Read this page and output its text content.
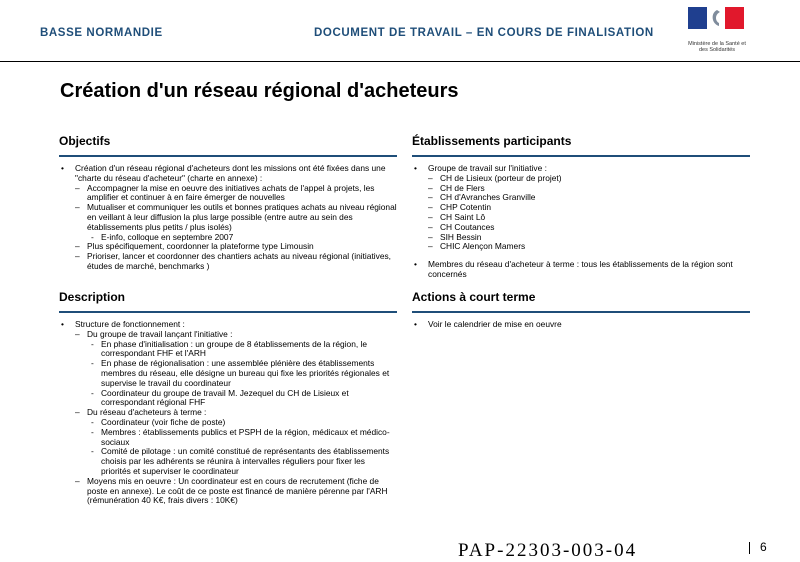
BASSE NORMANDIE	DOCUMENT DE TRAVAIL – EN COURS DE FINALISATION
Ministère de la Santé et des Solidarités
Création d'un réseau régional d'acheteurs
Objectifs
• Création d'un réseau régional d'acheteurs dont les missions ont été fixées dans une "charte du réseau d'acheteur" (charte en annexe) :
– Accompagner la mise en oeuvre des initiatives achats de l'appel à projets, les amplifier et continuer à en faire émerger de nouvelles
– Mutualiser et communiquer les outils et bonnes pratiques achats au niveau régional en veillant à leur diffusion la plus large possible (entre autre au sein des établissements plus petits / plus isolés)
- E-info, colloque en septembre 2007
– Plus spécifiquement, coordonner la plateforme type Limousin
– Prioriser, lancer et coordonner des chantiers achats au niveau régional (initiatives, études de marché, benchmarks )
Établissements participants
• Groupe de travail sur l'initiative :
– CH de Lisieux (porteur de projet)
– CH de Flers
– CH d'Avranches Granville
– CHP Cotentin
– CH Saint Lô
– CH Coutances
– SIH Bessin
– CHIC Alençon Mamers
• Membres du réseau d'acheteur à terme : tous les établissements de la région sont concernés
Description
• Structure de fonctionnement :
– Du groupe de travail lançant l'initiative :
- En phase d'initialisation : un groupe de 8 établissements de la région, le correspondant FHF et l'ARH
- En phase de régionalisation : une assemblée plénière des établissements membres du réseau, elle désigne un bureau qui fixe les priorités régionales et supervise le travail du coordinateur
- Coordinateur du groupe de travail M. Jezequel du CH de Lisieux et correspondant régional FHF
– Du réseau d'acheteurs à terme :
- Coordinateur (voir fiche de poste)
- Membres : établissements publics et PSPH de la région, médicaux et médico-sociaux
- Comité de pilotage : un comité constitué de représentants des établissements choisis par les adhérents se réunira à intervalles réguliers pour fixer les priorités et superviser le coordinateur
– Moyens mis en oeuvre : Un coordinateur est en cours de recrutement (fiche de poste en annexe). Le coût de ce poste est financé de manière pérenne par l'ARH (rémunération 40 K€, frais divers : 10K€)
Actions à court terme
• Voir le calendrier de mise en oeuvre
PAP-22303-003-04	6
